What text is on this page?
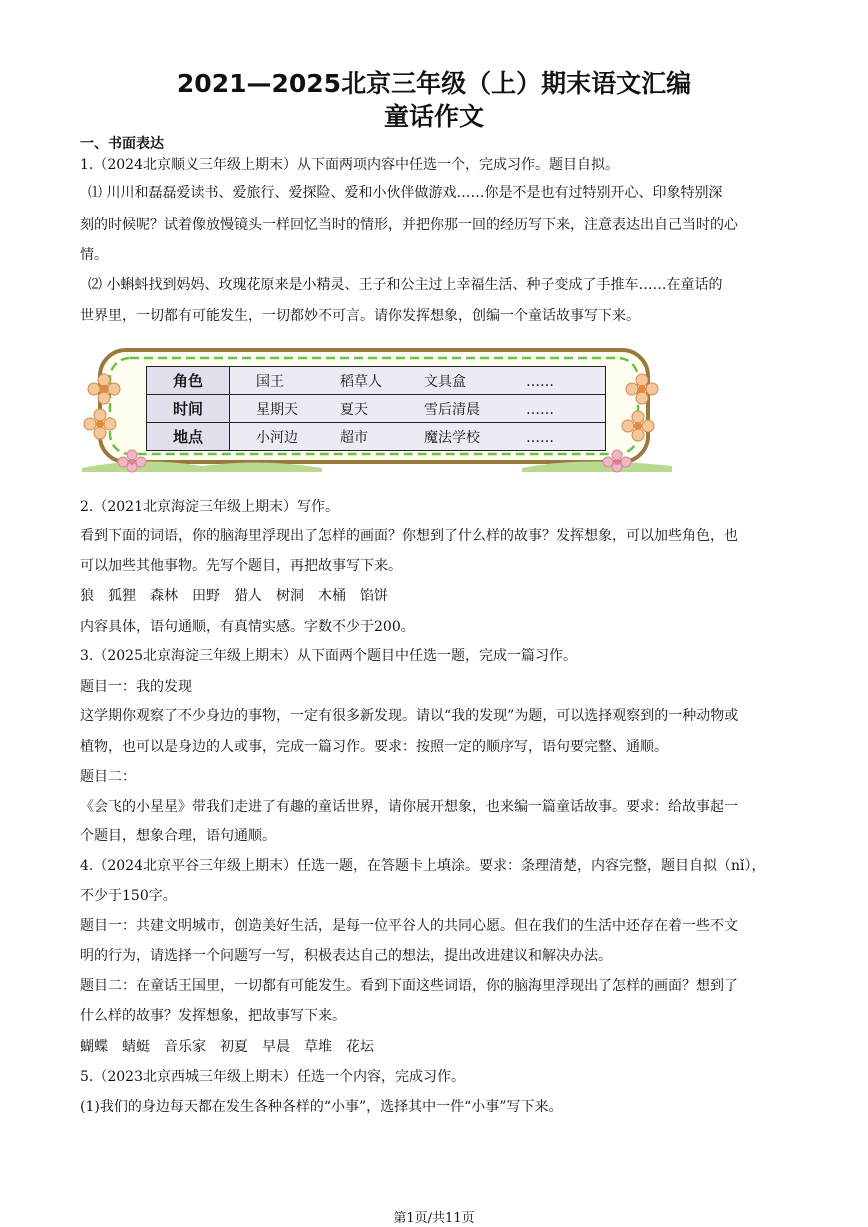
2021—2025北京三年级（上）期末语文汇编
童话作文
一、书面表达
1.（2024北京顺义三年级上期末）从下面两项内容中任选一个，完成习作。题目自拟。
⑴ 川川和磊磊爱读书、爱旅行、爱探险、爱和小伙伴做游戏……你是不是也有过特别开心、印象特别深
刻的时候呢？试着像放慢镜头一样回忆当时的情形，并把你那一回的经历写下来，注意表达出自己当时的心
情。
⑵ 小蝌蚪找到妈妈、玫瑰花原来是小精灵、王子和公主过上幸福生活、种子变成了手推车……在童话的
世界里，一切都有可能发生，一切都妙不可言。请你发挥想象，创编一个童话故事写下来。
角色	国王 稻草人 文具盒 ……
时间	星期天 夏天 雪后清晨 ……
地点	小河边 超市 魔法学校 ……
2.（2021北京海淀三年级上期末）写作。
看到下面的词语，你的脑海里浮现出了怎样的画面？你想到了什么样的故事？发挥想象，可以加些角色，也
可以加些其他事物。先写个题目，再把故事写下来。
狼　狐狸　森林　田野　猎人　树洞　木桶　馅饼
内容具体，语句通顺，有真情实感。字数不少于200。
3.（2025北京海淀三年级上期末）从下面两个题目中任选一题，完成一篇习作。
题目一：我的发现
这学期你观察了不少身边的事物，一定有很多新发现。请以“我的发现”为题，可以选择观察到的一种动物或
植物，也可以是身边的人或事，完成一篇习作。要求：按照一定的顺序写，语句要完整、通顺。
题目二：
《会飞的小星星》带我们走进了有趣的童话世界，请你展开想象，也来编一篇童话故事。要求：给故事起一
个题目，想象合理，语句通顺。
4.（2024北京平谷三年级上期末）任选一题，在答题卡上填涂。要求：条理清楚，内容完整，题目自拟（nǐ），
不少于150字。
题目一：共建文明城市，创造美好生活，是每一位平谷人的共同心愿。但在我们的生活中还存在着一些不文
明的行为，请选择一个问题写一写，积极表达自己的想法，提出改进建议和解决办法。
题目二：在童话王国里，一切都有可能发生。看到下面这些词语，你的脑海里浮现出了怎样的画面？想到了
什么样的故事？发挥想象，把故事写下来。
蝴蝶　蜻蜓　音乐家　初夏　早晨　草堆　花坛
5.（2023北京西城三年级上期末）任选一个内容，完成习作。
(1)我们的身边每天都在发生各种各样的“小事”，选择其中一件“小事”写下来。
第1页/共11页
